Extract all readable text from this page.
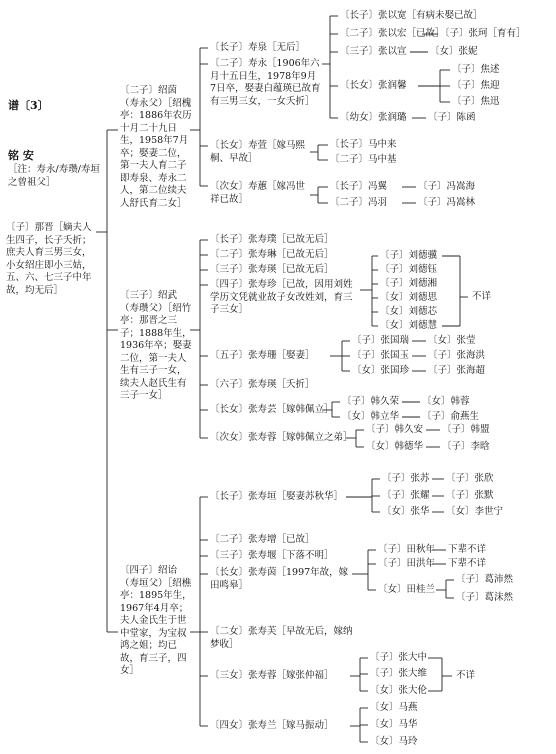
谱〔3〕
铭 安
［注：寿永/寿瓒/寿垣之曾祖父］
〔子〕那晋［嫡夫人生四子，长子夭折；庶夫人育三男三女，小女绍庄即小三姑，五、六、七三子中年故，均无后］
〔二子〕绍茵（寿永父）［绍槐亭：1886年农历十月二十九日生，1958年7月卒；娶妻二位，第一夫人育二子即寿泉、寿永二人，第二位续夫人舒氏育二女］
〔三子〕绍武（寿瓒父）［绍竹亭：那晋之三子；1888年生，1936年卒；娶妻二位，第一夫人生有三子一女，续夫人赵氏生有三子一女］
〔四子〕绍诒（寿垣父）［绍樵亭：1895年生，1967年4月卒；夫人金氏生于世中堂家，为宝叔鸿之姐；均已故，育三子，四女］
〔长子〕寿泉［无后］
〔二子〕寿永［1906年六月十五日生，1978年9月7日卒，娶妻白蕴瑛已故育有三男三女，一女夭折］
〔长女〕寿萱［嫁马熙桐、早故］
〔次女〕寿蕙［嫁冯世祥已故］
〔长子〕张以宽［有病未娶已故］
〔二子〕张以宏［已故］
〔子〕张珂［育有］
〔三子〕张以宣 〔女〕张妮
〔长女〕张润馨
〔子〕焦述
〔子〕焦迎
〔子〕焦迅
〔幼女〕张润璐 〔子〕陈函
〔长子〕马中来
〔二子〕马中基
〔长子〕冯翼	〔子〕冯嵩海
〔二子〕冯羽	〔子〕冯嵩林
〔长子〕张寿璞［已故无后］
〔二子〕张寿琳［已故无后］
〔三子〕张寿瑛［已故无后］
〔四子〕张寿珍［已故，因用刘姓学历文凭就业故子女改姓刘，育三子三女］
〔五子〕张寿珊［娶妻］
〔六子〕张寿瑛［夭折］
〔长女〕张寿芸［嫁韩佩立］
〔次女〕张寿蓉［嫁韩佩立之弟］
〔子〕刘德骥
〔子〕刘德钰
〔子〕刘德湘
〔女〕刘德思
〔女〕刘德芯
〔女〕刘德慧
不详
〔子〕张国瑞 〔女〕张莹
〔子〕张国玉 〔子〕张海洪
〔女〕张国珍 〔子〕张海超
〔子〕韩久荣 〔女〕韩蓉
〔女〕韩立华 〔子〕俞燕生
〔子〕韩久安 〔子〕韩盟
〔女〕韩德华 〔子〕李晗
〔长子〕张寿垣［娶妻苏秋华］
〔二子〕张寿增［已故］
〔三子〕张寿堰［下落不明］
〔长女〕张寿茵［1997年故，嫁田鸣皋］
〔二女〕张寿芙［早故无后，嫁纳梦收］
〔三女〕张寿蓉［嫁张仲福］
〔四女〕张寿兰［嫁马振动］
〔子〕张苏 〔子〕张欣
〔子〕张耀 〔子〕张默
〔女〕张华 〔女〕李世宁
〔子〕田秋年 下辈不详
〔子〕田洪年 下辈不详
〔女〕田桂兰
〔子〕葛沛然
〔子〕葛沫然
〔子〕张大中
〔子〕张大维
〔女〕张大伦
不详
〔女〕马燕
〔女〕马华
〔女〕马玲
